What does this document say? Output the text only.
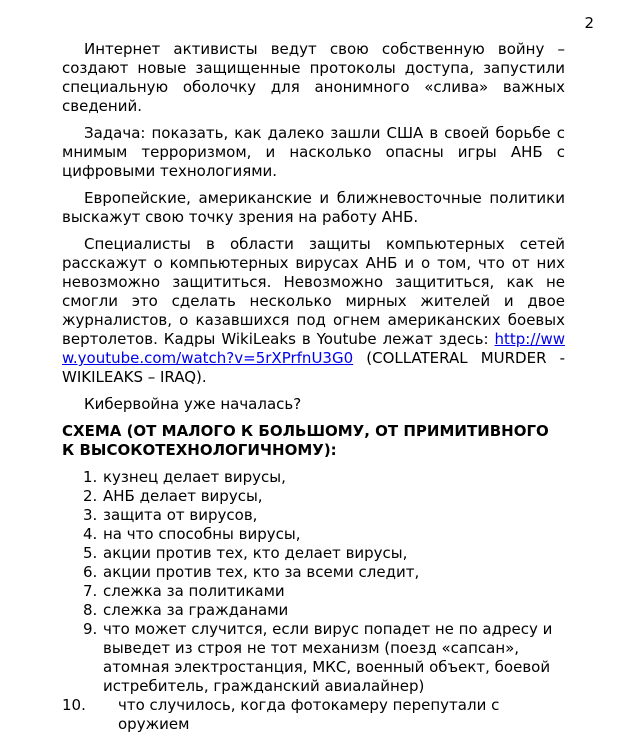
2

Интернет активисты ведут свою собственную войну – создают новые защищенные протоколы доступа, запустили специальную оболочку для анонимного «слива» важных сведений.

Задача: показать, как далеко зашли США в своей борьбе с мнимым терроризмом, и насколько опасны игры АНБ с цифровыми технологиями.

Европейские, американские и ближневосточные политики выскажут свою точку зрения на работу АНБ.

Специалисты в области защиты компьютерных сетей расскажут о компьютерных вирусах АНБ и о том, что от них невозможно защититься. Невозможно защититься, как не смогли это сделать несколько мирных жителей и двое журналистов, о казавшихся под огнем американских боевых вертолетов. Кадры WikiLeaks в Youtube лежат здесь: http://www.youtube.com/watch?v=5rXPrfnU3G0 (COLLATERAL MURDER - WIKILEAKS – IRAQ).

Кибервойна уже началась?

СХЕМА (ОТ МАЛОГО К БОЛЬШОМУ, ОТ ПРИМИТИВНОГО К ВЫСОКОТЕХНОЛОГИЧНОМУ):

1. кузнец делает вирусы,
2. АНБ делает вирусы,
3. защита от вирусов,
4. на что способны вирусы,
5. акции против тех, кто делает вирусы,
6. акции против тех, кто за всеми следит,
7. слежка за политиками
8. слежка за гражданами
9. что может случится, если вирус попадет не по адресу и выведет из строя не тот механизм (поезд «сапсан», атомная электростанция, МКС, военный объект, боевой истребитель, гражданский авиалайнер)
10.	что случилось, когда фотокамеру перепутали с оружием
